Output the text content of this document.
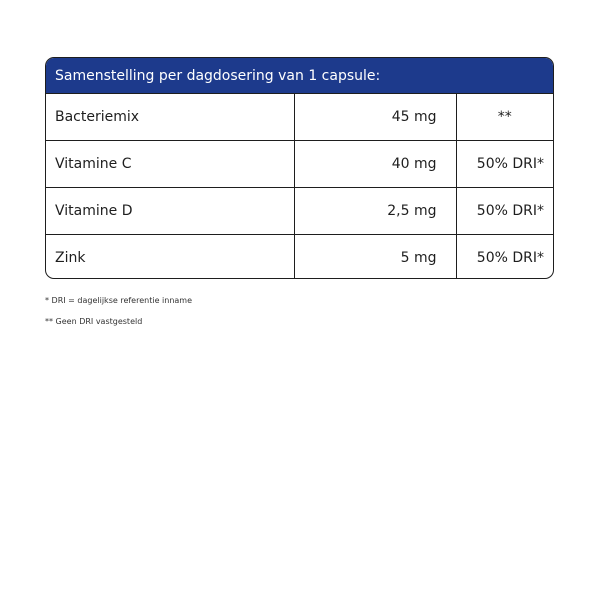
Samenstelling per dagdosering van 1 capsule:
Bacteriemix	45 mg	**
Vitamine C	40 mg	50% DRI*
Vitamine D	2,5 mg	50% DRI*
Zink	5 mg	50% DRI*
* DRI = dagelijkse referentie inname
** Geen DRI vastgesteld
